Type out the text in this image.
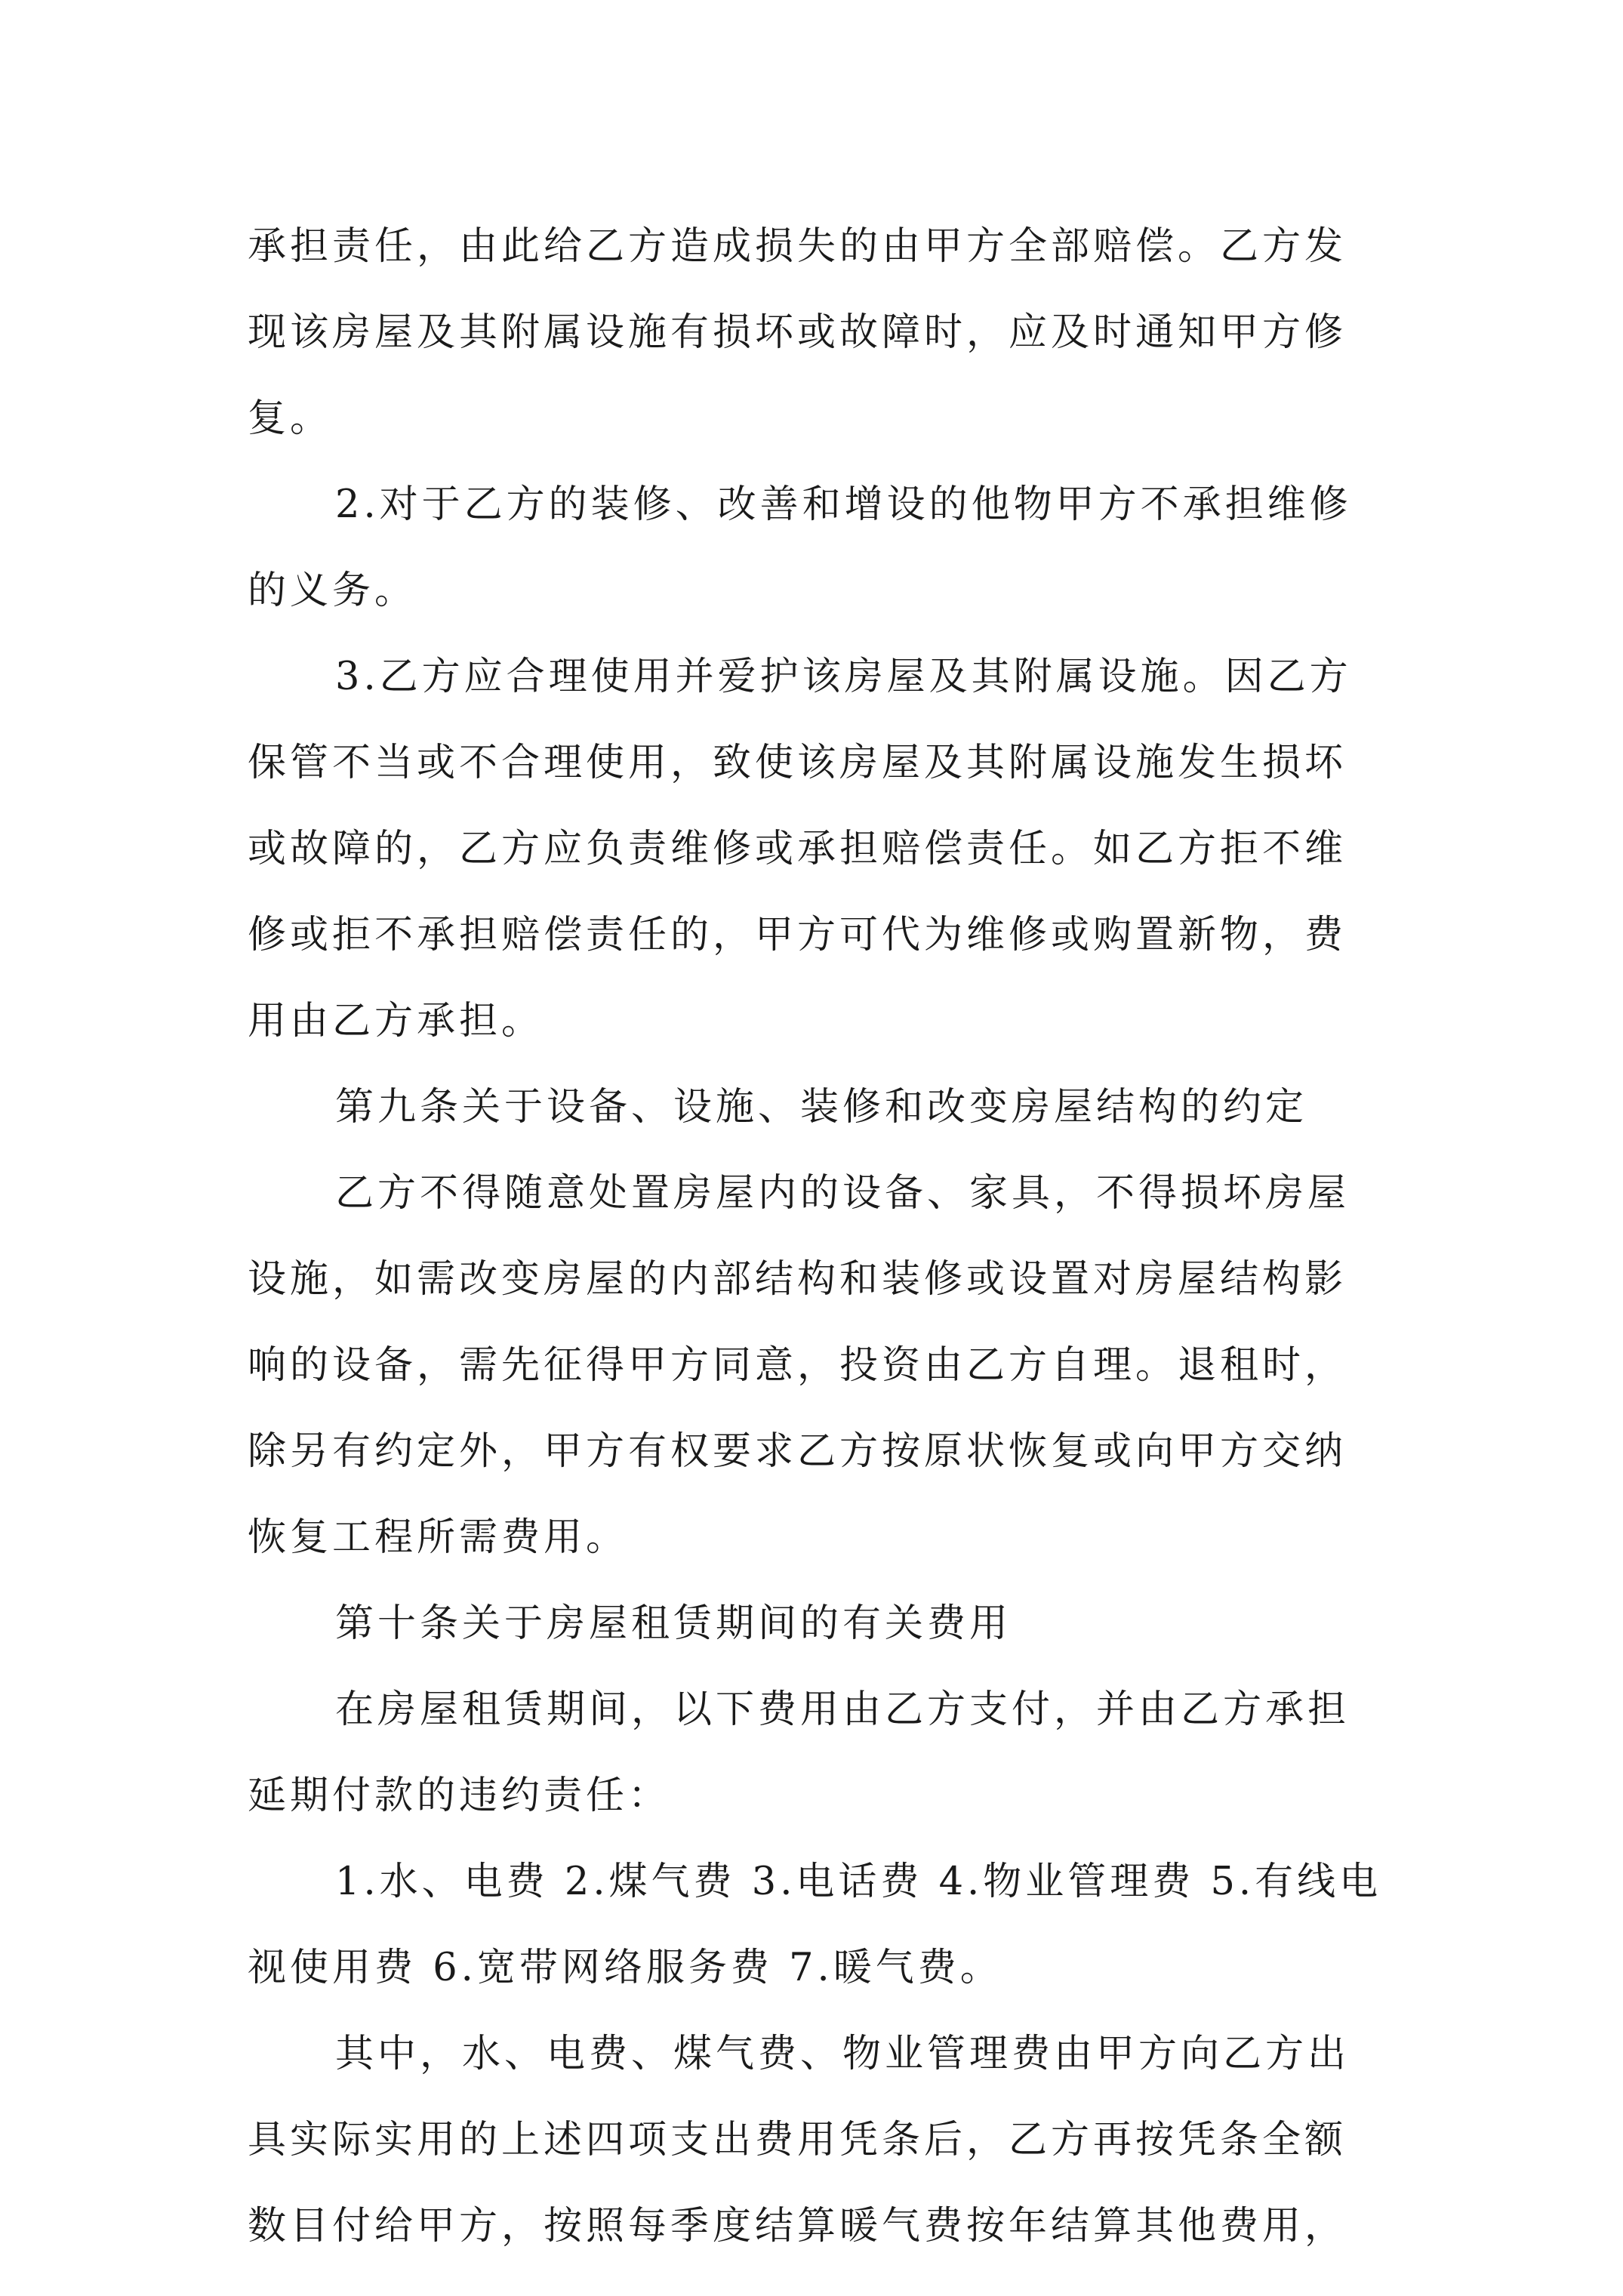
承担责任，由此给乙方造成损失的由甲方全部赔偿。乙方发
现该房屋及其附属设施有损坏或故障时，应及时通知甲方修
复。
2.对于乙方的装修、改善和增设的他物甲方不承担维修
的义务。
3.乙方应合理使用并爱护该房屋及其附属设施。因乙方
保管不当或不合理使用，致使该房屋及其附属设施发生损坏
或故障的，乙方应负责维修或承担赔偿责任。如乙方拒不维
修或拒不承担赔偿责任的，甲方可代为维修或购置新物，费
用由乙方承担。
第九条关于设备、设施、装修和改变房屋结构的约定
乙方不得随意处置房屋内的设备、家具，不得损坏房屋
设施，如需改变房屋的内部结构和装修或设置对房屋结构影
响的设备，需先征得甲方同意，投资由乙方自理。退租时，
除另有约定外，甲方有权要求乙方按原状恢复或向甲方交纳
恢复工程所需费用。
第十条关于房屋租赁期间的有关费用
在房屋租赁期间，以下费用由乙方支付，并由乙方承担
延期付款的违约责任：
1.水、电费 2.煤气费 3.电话费 4.物业管理费 5.有线电
视使用费 6.宽带网络服务费 7.暖气费。
其中，水、电费、煤气费、物业管理费由甲方向乙方出
具实际实用的上述四项支出费用凭条后，乙方再按凭条全额
数目付给甲方，按照每季度结算暖气费按年结算其他费用，
